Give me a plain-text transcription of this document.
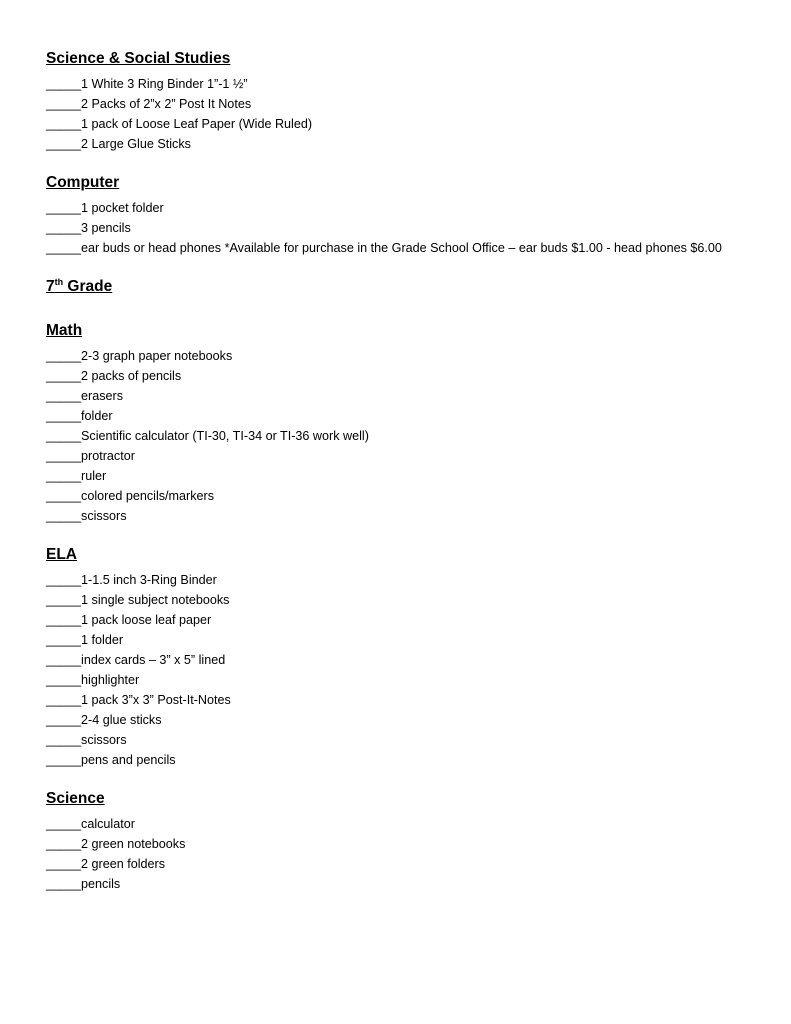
Science & Social Studies
_____1 White 3 Ring Binder 1”-1 ½”
_____2 Packs of 2”x 2” Post It Notes
_____1 pack of Loose Leaf Paper (Wide Ruled)
_____2 Large Glue Sticks
Computer
_____1 pocket folder
_____3 pencils
_____ear buds or head phones *Available for purchase in the Grade School Office – ear buds $1.00 - head phones $6.00
7th Grade
Math
_____2-3 graph paper notebooks
_____2 packs of pencils
_____erasers
_____folder
_____Scientific calculator (TI-30, TI-34 or TI-36 work well)
_____protractor
_____ruler
_____colored pencils/markers
_____scissors
ELA
_____1-1.5 inch 3-Ring Binder
_____1 single subject notebooks
_____1 pack loose leaf paper
_____1 folder
_____index cards – 3” x 5” lined
_____highlighter
_____1 pack 3”x 3” Post-It-Notes
_____2-4 glue sticks
_____scissors
_____pens and pencils
Science
_____calculator
_____2 green notebooks
_____2 green folders
_____pencils
